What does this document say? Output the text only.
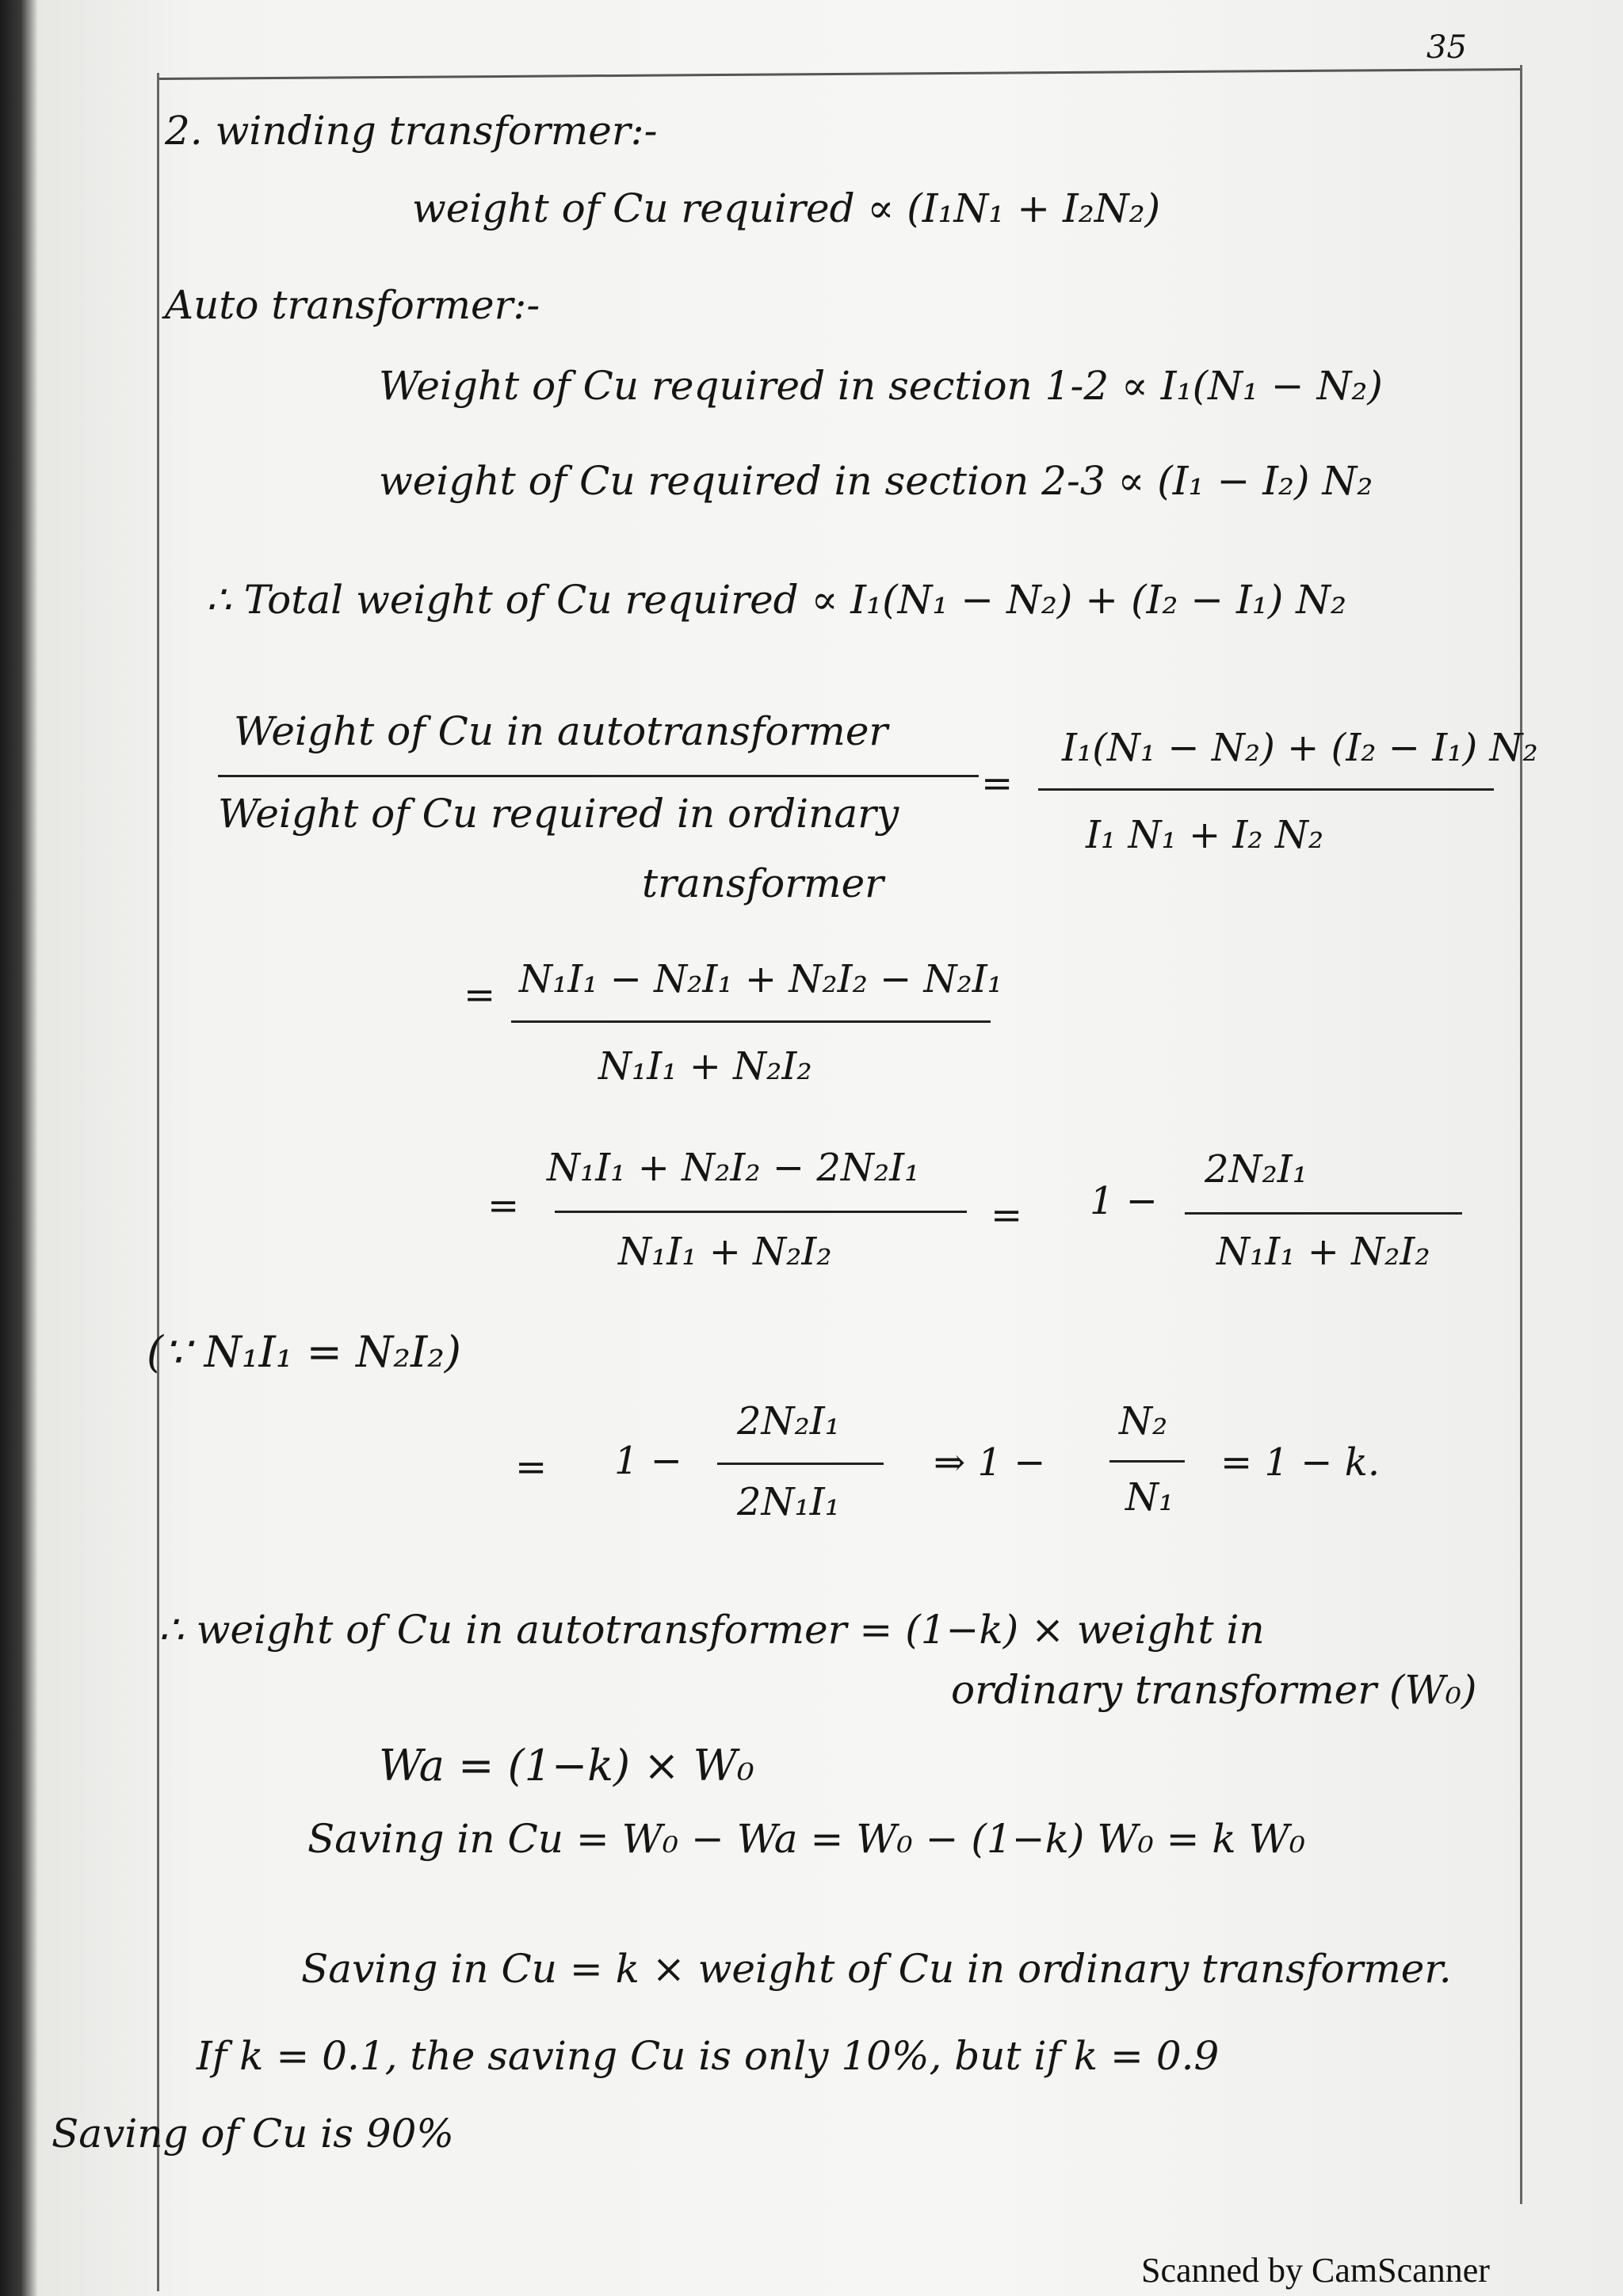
35
2. winding transformer:-
weight of Cu required ∝ (I₁N₁ + I₂N₂)
Auto transformer:-
Weight of Cu required in section 1-2 ∝ I₁(N₁ − N₂)
weight of Cu required in section 2-3 ∝ (I₁ − I₂) N₂
∴ Total weight of Cu required ∝ I₁(N₁ − N₂) + (I₂ − I₁) N₂
Weight of Cu in autotransformer
Weight of Cu required in ordinary
transformer
=
I₁(N₁ − N₂) + (I₂ − I₁) N₂
I₁ N₁ + I₂ N₂
= N₁I₁ − N₂I₁ + N₂I₂ − N₂I₁
N₁I₁ + N₂I₂
=
N₁I₁ + N₂I₂ − 2N₂I₁
N₁I₁ + N₂I₂
= 1 −
2N₂I₁
N₁I₁ + N₂I₂
(∵ N₁I₁ = N₂I₂)
= 1 −
2N₂I₁
2N₁I₁
⇒ 1 −
N₂
N₁
= 1 − k.
∴ weight of Cu in autotransformer = (1−k) × weight in
ordinary transformer (W₀)
Wa = (1−k) × W₀
Saving in Cu = W₀ − Wa = W₀ − (1−k) W₀ = k W₀
Saving in Cu = k × weight of Cu in ordinary transformer.
If k = 0.1, the saving Cu is only 10%, but if k = 0.9
Saving of Cu is 90%
Scanned by CamScanner
